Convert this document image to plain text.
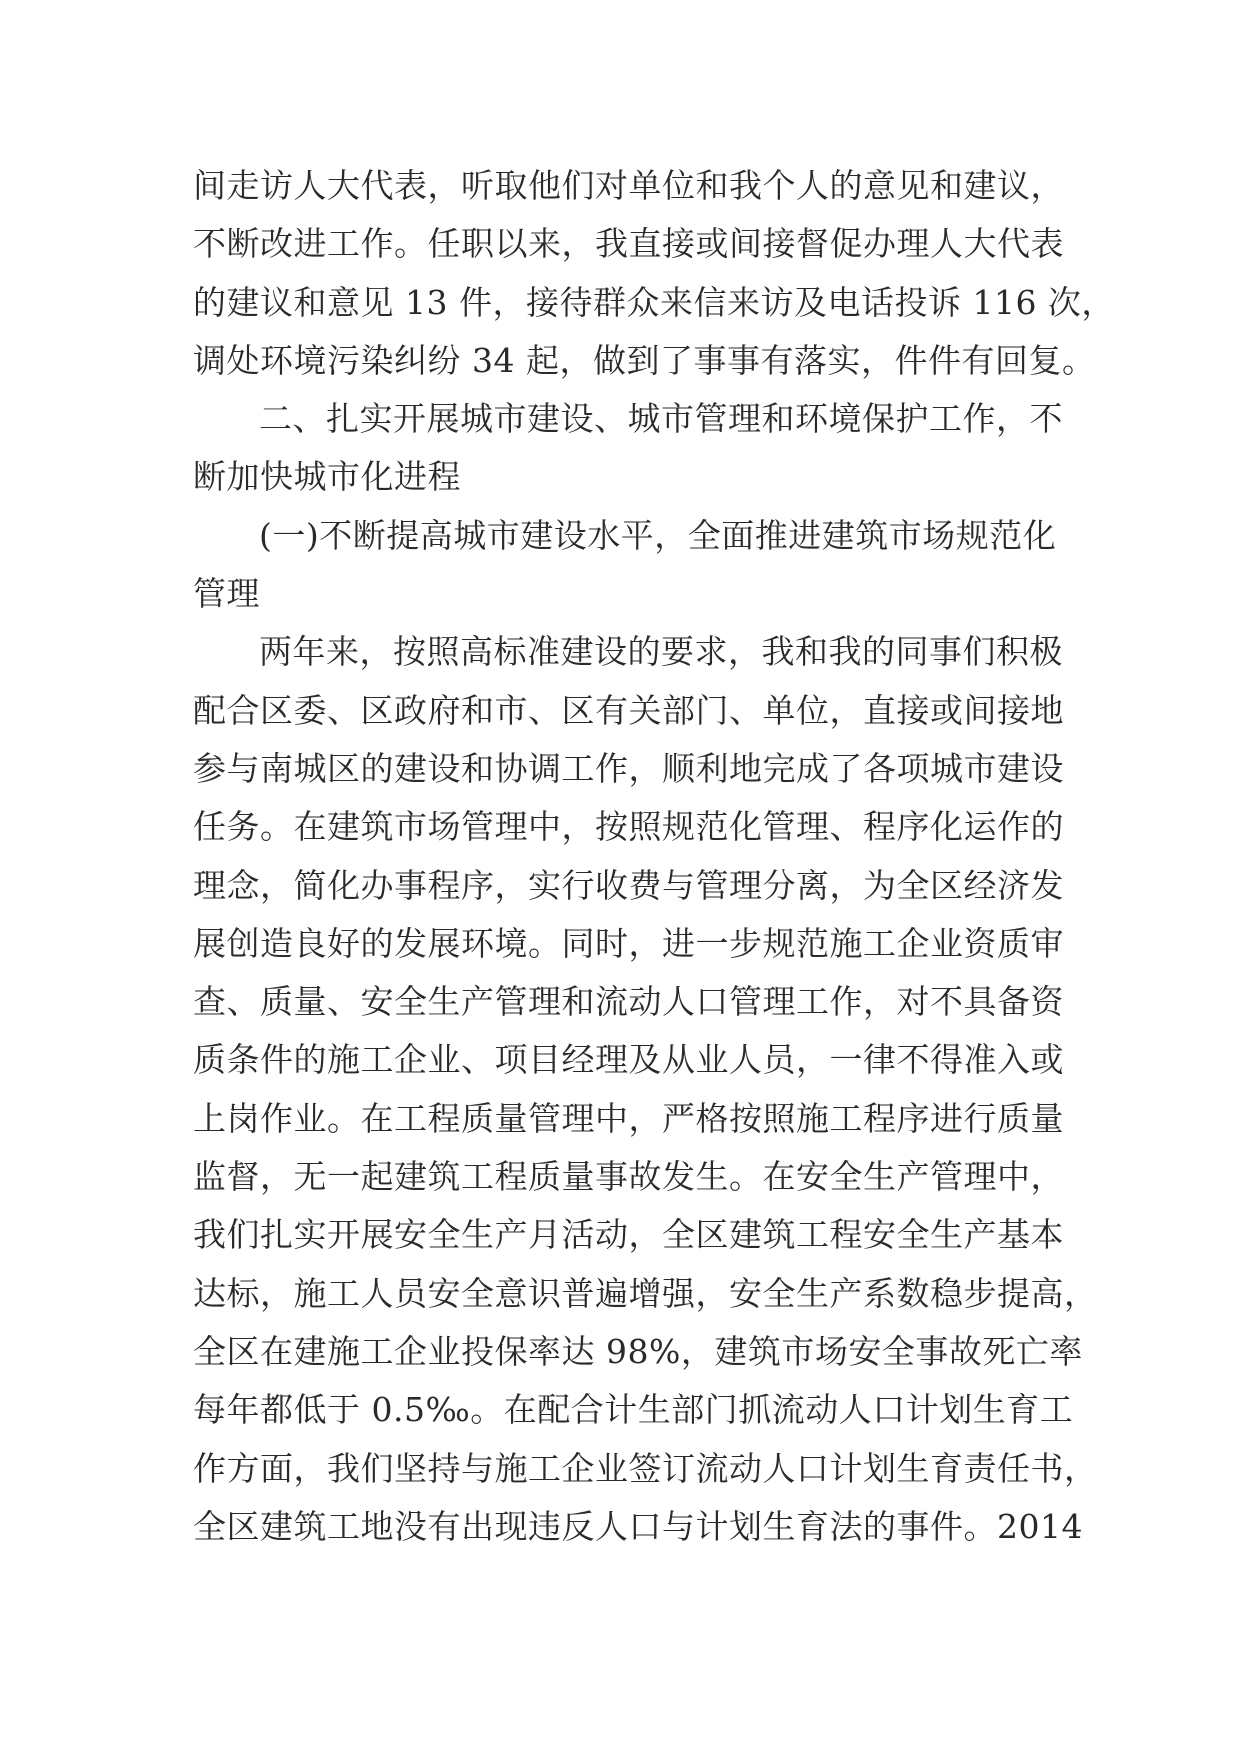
间走访人大代表，听取他们对单位和我个人的意见和建议，
不断改进工作。任职以来，我直接或间接督促办理人大代表
的建议和意见 13 件，接待群众来信来访及电话投诉 116 次，
调处环境污染纠纷 34 起，做到了事事有落实，件件有回复。
二、扎实开展城市建设、城市管理和环境保护工作，不
断加快城市化进程
(一)不断提高城市建设水平，全面推进建筑市场规范化
管理
两年来，按照高标准建设的要求，我和我的同事们积极
配合区委、区政府和市、区有关部门、单位，直接或间接地
参与南城区的建设和协调工作，顺利地完成了各项城市建设
任务。在建筑市场管理中，按照规范化管理、程序化运作的
理念，简化办事程序，实行收费与管理分离，为全区经济发
展创造良好的发展环境。同时，进一步规范施工企业资质审
查、质量、安全生产管理和流动人口管理工作，对不具备资
质条件的施工企业、项目经理及从业人员，一律不得准入或
上岗作业。在工程质量管理中，严格按照施工程序进行质量
监督，无一起建筑工程质量事故发生。在安全生产管理中，
我们扎实开展安全生产月活动，全区建筑工程安全生产基本
达标，施工人员安全意识普遍增强，安全生产系数稳步提高，
全区在建施工企业投保率达 98%，建筑市场安全事故死亡率
每年都低于 0.5‰。在配合计生部门抓流动人口计划生育工
作方面，我们坚持与施工企业签订流动人口计划生育责任书，
全区建筑工地没有出现违反人口与计划生育法的事件。2014
